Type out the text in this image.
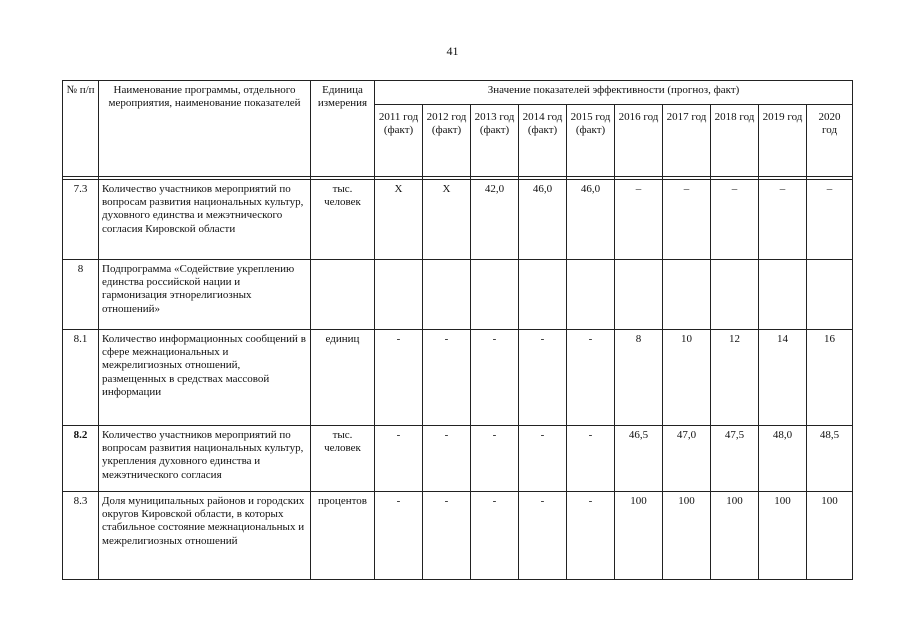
41
№ п/п	Наименование программы, отдельного мероприятия, наименование показателей	Единица измерения	Значение показателей эффективности (прогноз, факт)									
			2011 год (факт)	2012 год (факт)	2013 год (факт)	2014 год (факт)	2015 год (факт)	2016 год	2017 год	2018 год	2019 год	2020 год

7.3	Количество участников мероприятий по вопросам развития национальных культур, духовного единства и межэтнического согласия Кировской области	тыс. человек	Х	Х	42,0	46,0	46,0	–	–	–	–	–
8	Подпрограмма «Содействие укреплению единства российской нации и гармонизация этнорелигиозных отношений»											
8.1	Количество информационных сообщений в сфере межнациональных и межрелигиозных отношений, размещенных в средствах массовой информации	единиц	-	-	-	-	-	8	10	12	14	16
8.2	Количество участников мероприятий по вопросам развития национальных культур, укрепления духовного единства и межэтнического согласия	тыс. человек	-	-	-	-	-	46,5	47,0	47,5	48,0	48,5
8.3	Доля муниципальных районов и городских округов Кировской области, в которых стабильное состояние межнациональных и межрелигиозных отношений	процентов	-	-	-	-	-	100	100	100	100	100
